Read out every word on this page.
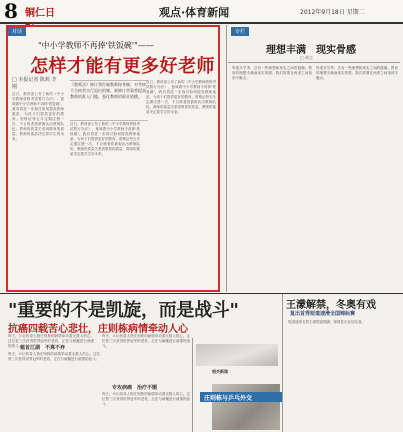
8 铜仁日	观点·体育新闻	2012年9月18日 星期二
对话
"中小学教师不再捧'铁饭碗'"——
怎样才能有更多好老师
□ 本报记者 陈莉 李 刚	《教师法》修订将打破教师终身制，对考核不合格者实行退出机制。新修订草案将提高教师的准入门槛，强化教师的职业道德。
近日，教育部公布了新的《中小学教师资格考试暂行办法》，意味着中小学教师不再捧'铁饭碗'。我们将进一步探讨如何提高教师素质，为孩子们提供更好的教育。资格证每五年定期注册一次，不合格者将被淘汰出教师队伍。教师的质量关系到教育的质量，教师的素质决定着学生的未来。
近日，教育部公布了新的《中小学教师资格考试暂行办法》，意味着中小学教师不再捧'铁饭碗'。我们将进一步探讨如何提高教师素质，为孩子们提供更好的教育。资格证每五年定期注册一次，不合格者将被淘汰出教师队伍。教师的质量关系到教育的质量，教师的素质决定着学生的未来。
近日，教育部公布了新的《中小学教师资格考试暂行办法》，意味着中小学教师不再捧'铁饭碗'。我们将进一步探讨如何提高教师素质，为孩子们提供更好的教育。资格证每五年定期注册一次，不合格者将被淘汰出教师队伍。教师的质量关系到教育的质量，教师的素质决定着学生的未来。
专栏
理想丰满　现实骨感
□ 晓言
每逢开学季，总有一些理想和现实之间的碰撞。教育的理想丰满而现实骨感，我们需要在两者之间找到平衡点。
每逢开学季，总有一些理想和现实之间的碰撞。教育的理想丰满而现实骨感，我们需要在两者之间找到平衡点。
"重要的不是凯旋，而是战斗"
抗癌四载苦心悲壮，庄则栋病情牵动人心
昨天，乒坛传奇人物庄则栋的病情牵动着无数人的心。这位曾三次获得世界冠军的老将，正在与病魔进行顽强的战斗。
魁首江湖　不离不弃
昨天，乒坛传奇人物庄则栋的病情牵动着无数人的心。这位曾三次获得世界冠军的老将，正在与病魔进行顽强的战斗。
昨天，乒坛传奇人物庄则栋的病情牵动着无数人的心。这位曾三次获得世界冠军的老将，正在与病魔进行顽强的战斗。
专攻病痛　治疗不辍
昨天，乒坛传奇人物庄则栋的病情牵动着无数人的心。这位曾三次获得世界冠军的老将，正在与病魔进行顽强的战斗。
相关新闻
庄则栋与乒乓外交
王濛解禁，冬奥有戏
复出首秀短道速滑全国锦标赛
短道速滑名将王濛禁赛期满，即将复出参加比赛。
